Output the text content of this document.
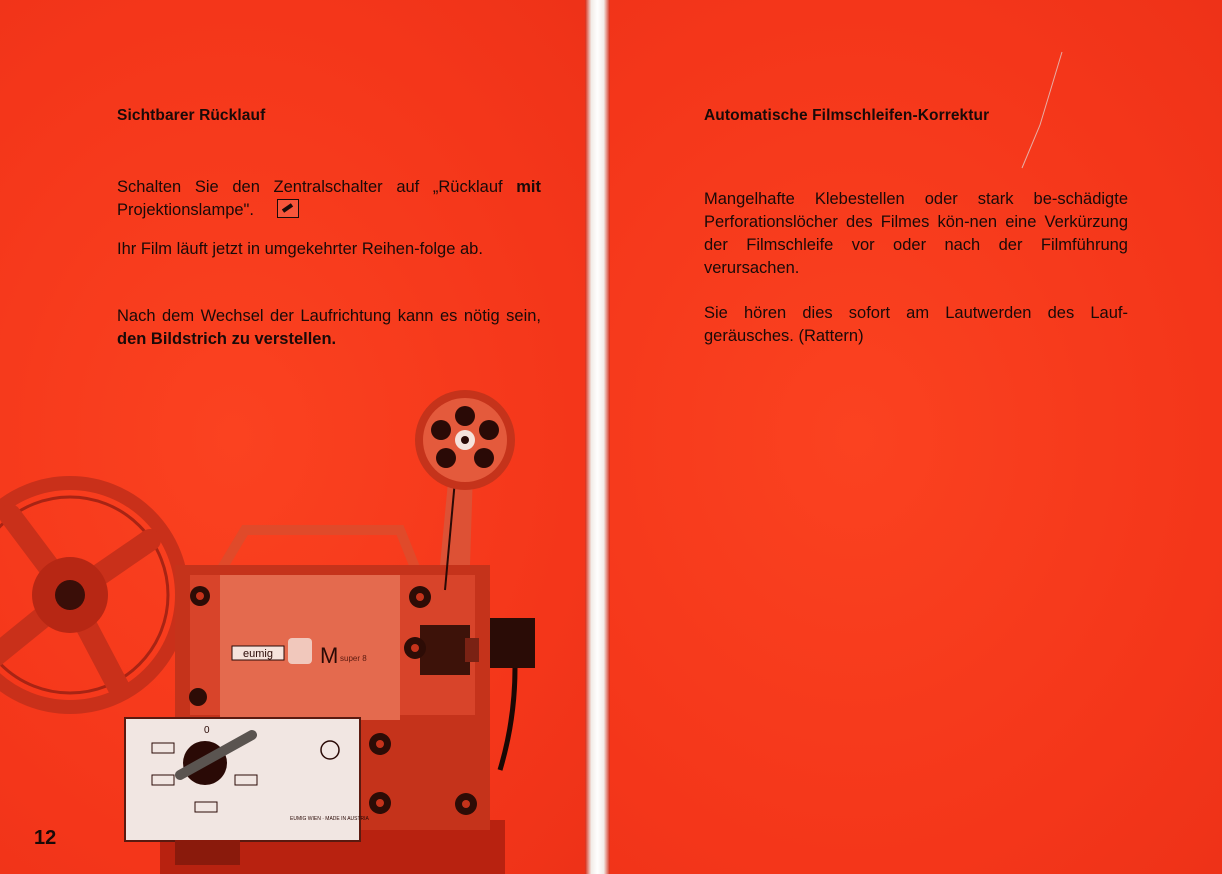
Sichtbarer Rücklauf
Schalten Sie den Zentralschalter auf „Rücklauf mit Projektionslampe".
Ihr Film läuft jetzt in umgekehrter Reihen-folge ab.
Nach dem Wechsel der Laufrichtung kann es nötig sein, den Bildstrich zu verstellen.
eumig M super 8
0
EUMIG WIEN · MADE IN AUSTRIA
12
Automatische Filmschleifen-Korrektur
Mangelhafte Klebestellen oder stark be-schädigte Perforationslöcher des Filmes kön-nen eine Verkürzung der Filmschleife vor oder nach der Filmführung verursachen.
Sie hören dies sofort am Lautwerden des Lauf-geräusches. (Rattern)
